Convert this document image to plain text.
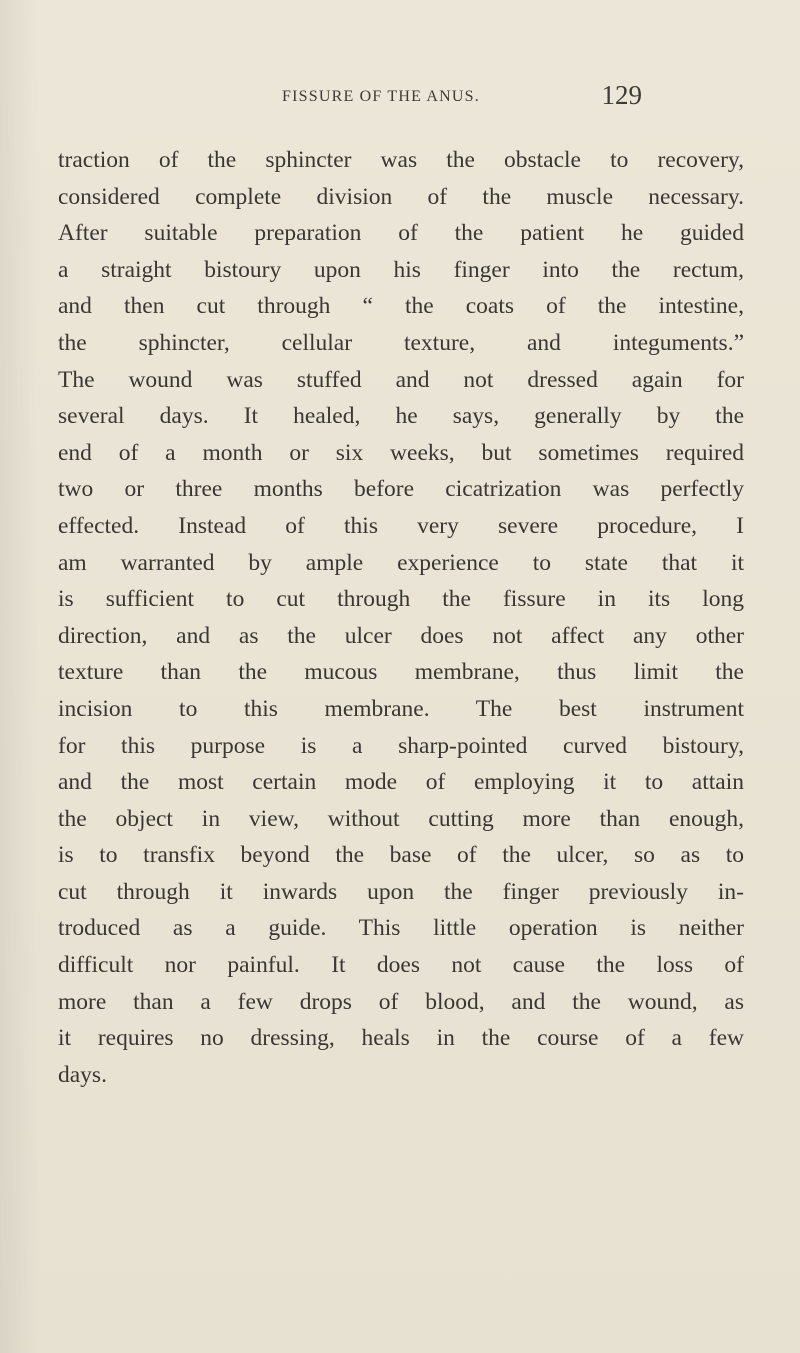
FISSURE OF THE ANUS.	129
traction of the sphincter was the obstacle to recovery,
considered complete division of the muscle necessary.
After suitable preparation of the patient he guided
a straight bistoury upon his finger into the rectum,
and then cut through “ the coats of the intestine,
the sphincter, cellular texture, and integuments.”
The wound was stuffed and not dressed again for
several days. It healed, he says, generally by the
end of a month or six weeks, but sometimes required
two or three months before cicatrization was perfectly
effected. Instead of this very severe procedure, I
am warranted by ample experience to state that it
is sufficient to cut through the fissure in its long
direction, and as the ulcer does not affect any other
texture than the mucous membrane, thus limit the
incision to this membrane. The best instrument
for this purpose is a sharp-pointed curved bistoury,
and the most certain mode of employing it to attain
the object in view, without cutting more than enough,
is to transfix beyond the base of the ulcer, so as to
cut through it inwards upon the finger previously in-
troduced as a guide. This little operation is neither
difficult nor painful. It does not cause the loss of
more than a few drops of blood, and the wound, as
it requires no dressing, heals in the course of a few
days.
